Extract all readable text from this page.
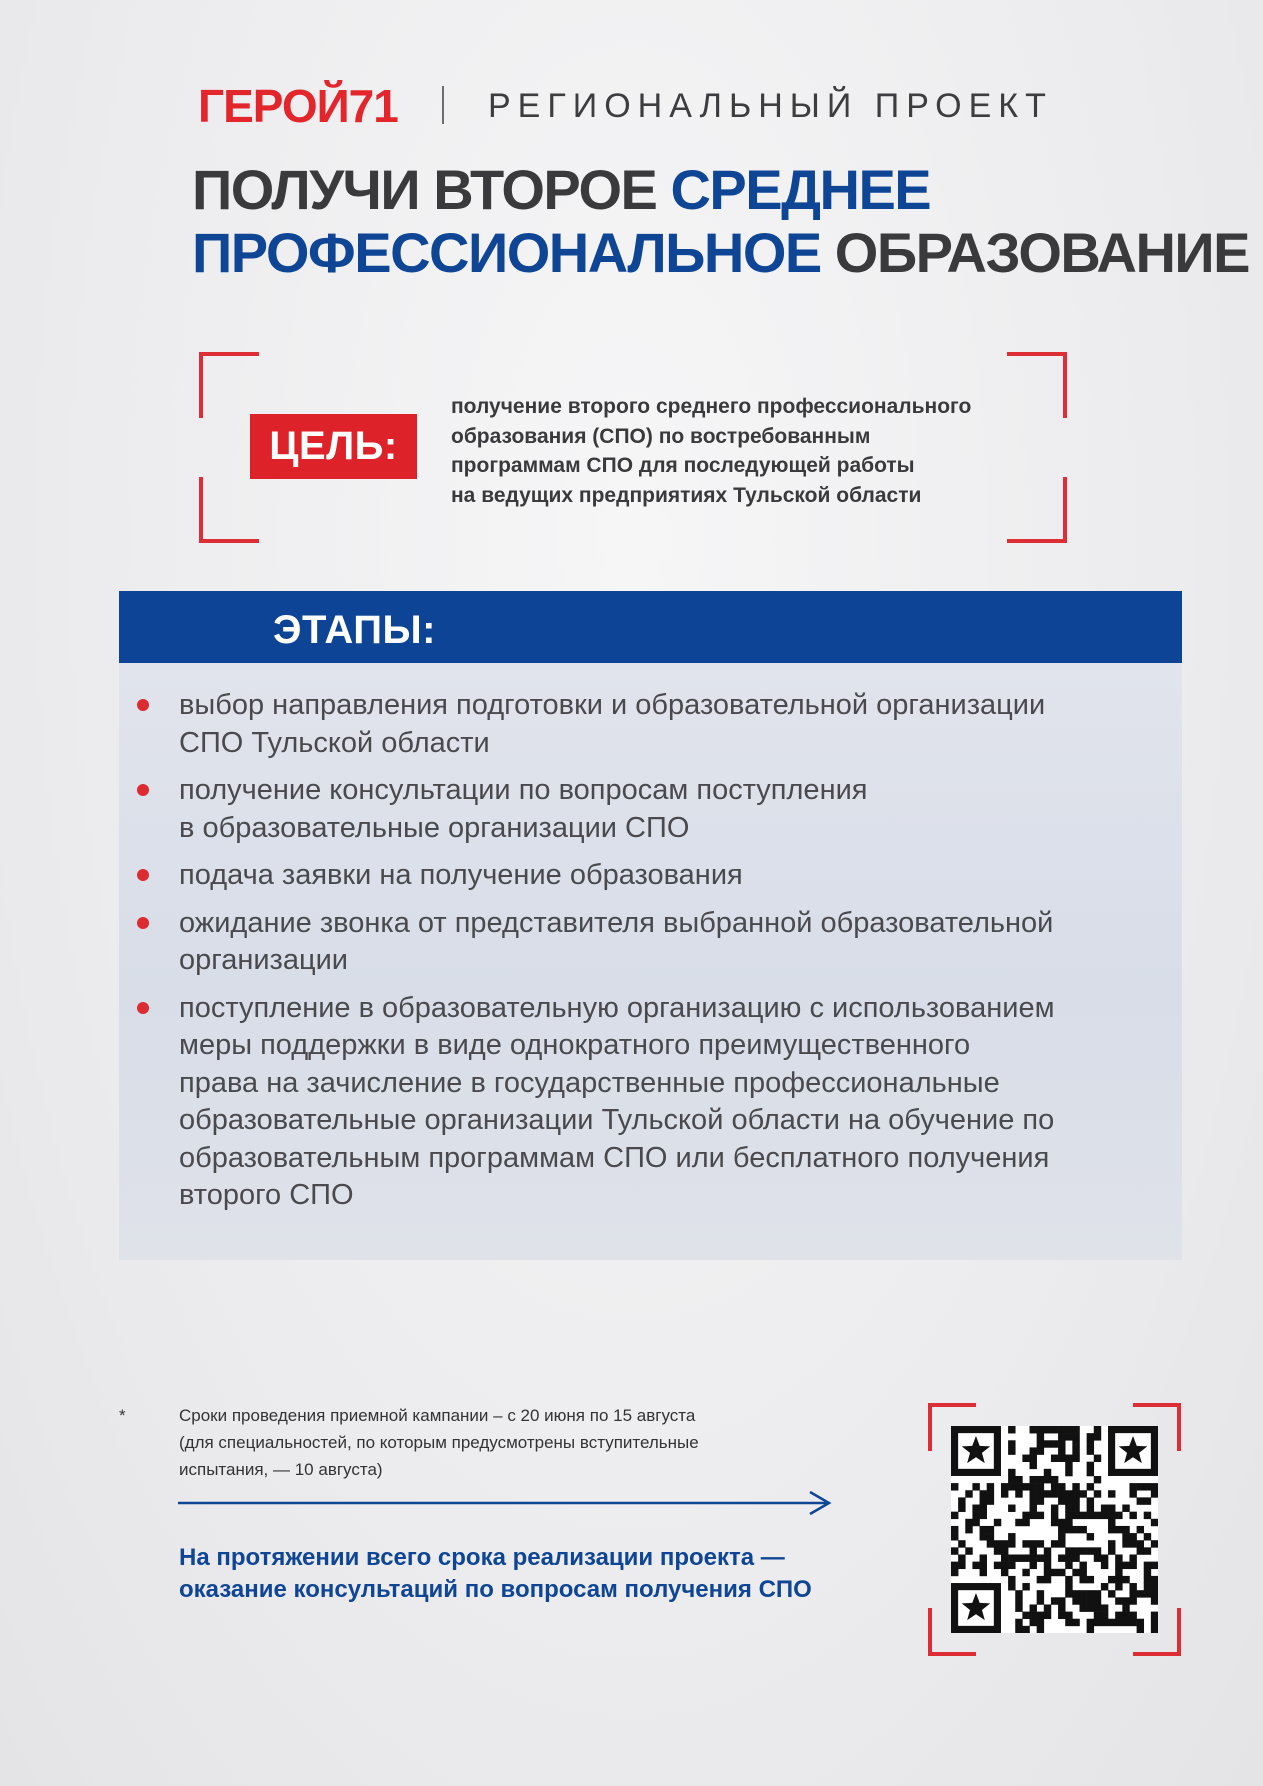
ГЕРОЙ71	РЕГИОНАЛЬНЫЙ ПРОЕКТ
ПОЛУЧИ ВТОРОЕ СРЕДНЕЕ
ПРОФЕССИОНАЛЬНОЕ ОБРАЗОВАНИЕ
ЦЕЛЬ:
получение второго среднего профессионального
образования (СПО) по востребованным
программам СПО для последующей работы
на ведущих предприятиях Тульской области
ЭТАПЫ:
выбор направления подготовки и образовательной организации
СПО Тульской области
получение консультации по вопросам поступления
в образовательные организации СПО
подача заявки на получение образования
ожидание звонка от представителя выбранной образовательной
организации
поступление в образовательную организацию с использованием
меры поддержки в виде однократного преимущественного
права на зачисление в государственные профессиональные
образовательные организации Тульской области на обучение по
образовательным программам СПО или бесплатного получения
второго СПО
*	Сроки проведения приемной кампании – с 20 июня по 15 августа
(для специальностей, по которым предусмотрены вступительные
испытания, — 10 августа)
На протяжении всего срока реализации проекта —
оказание консультаций по вопросам получения СПО
